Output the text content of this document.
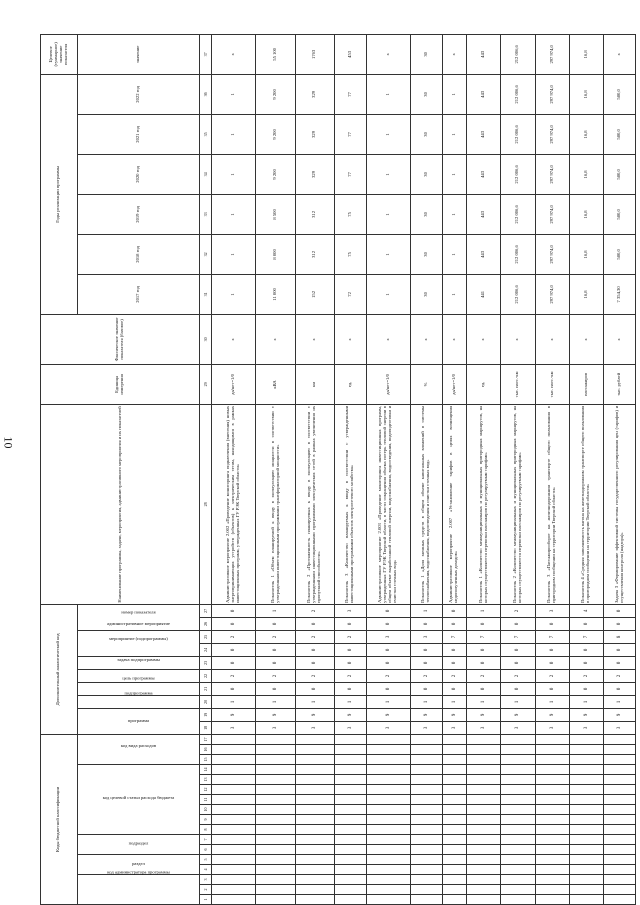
10
Коды бюджетной классификации																	Дополнительный аналитический код										Наименование программы, задачи, мероприятия, административного мероприятия и их показателей	Единица измерения	Фактическое значение показателя (базовое)	Годы реализации программы						Целевое (суммарное) значение показателя
код администратора программы			раздел		подраздел		код целевой статьи расхода бюджета							код вида расходов			программа		подпрограмма	цель программы	задача подпрограммы	мероприятие (подпрограммы)	административное мероприятие		номер показателя					2017 год	2018 год	2019 год	2020 год	2021 год	2022 год	значение
1	2	3	4	5	6	7	8	9	10	11	12	13	14	15	16	17	18	19	20	21	22	23	24	25	26	27	28	29	30	31	32	33	34	35	36	37
																	3	9	1	0	2	0	0	2	0	0	Административное мероприятие 2.002 «Проведение мониторинга подключения (внесения) новых энергопринимающих устройств (объектов) к электрическим сетям, находящимся в рамках инвестиционных программ, утвержденных ГУ РЭК Тверской области»	да/нет=1/0	х	1	1	1	1	1	1	х
																	3	9	1	0	2	0	0	2	0	1	Показатель 1 «Объем планируемой к вводу в эксплуатацию мощности в соответствии с утвержденными инвестиционными программами трансформаторной мощности»	кВА	х	11 000	8 000	8 500	9 200	9 200	9 200	55 100
																	3	9	1	0	2	0	0	2	0	2	Показатель 2 «Протяженность планируемых к вводу в эксплуатацию в соответствии с утвержденными инвестиционными программами электрических сетей в рамках увеличения их пропускной способности»	км	х	152	312	312	329	329	329	1763
																	3	9	1	0	2	0	0	2	0	3	Показатель 3 «Количество планируемых к вводу в соответствии с утвержденными инвестиционными программами объектов электросетевого хозяйства»	ед.	х	72	75	75	77	77	77	453
																	3	9	1	0	2	0	0	3	0	0	Административное мероприятие 2.003 «Проведение мониторинга инвестиционных программ, утвержденных ГУ РЭК Тверской области, в части сокращения объема потерь тепловой энергии в общем объеме выработанной тепловой энергии, водоснабжения, водоотведения, водоподготовки и очистки сточных вод»	да/нет=1/0	х	1	1	1	1	1	1	х
																	3	9	1	0	2	0	0	3	0	1	Показатель 1 «Доля заемных средств в общем объеме капитальных вложений в системы теплоснабжения, водоснабжения, водоотведения и очистки сточных вод»	%	х	30	30	30	30	30	30	30
																	3	9	1	0	2	0	0	7	0	0	Административное мероприятие 2.007 «Установление тарифов в целях возмещения недополученных доходов»	да/нет=1/0	х	1	1	1	1	1	1	х
																	3	9	1	0	2	0	0	7	0	1	Показатель 1 «Количество межмуниципальных и муниципальных пригородных маршрутов, на которых осуществляются перевозки пассажиров по регулируемым тарифам»	ед.	х	441	443	443	443	443	443	443
																	3	9	1	0	2	0	0	7	0	2	Показатель 2 «Количество межмуниципальных и муниципальных пригородных маршрутов, на которых осуществляются перевозки пассажиров по регулируемым тарифам»	тыс. пасс.-км	х	212 006,6	212 006,6	212 006,6	212 006,6	212 006,6	212 006,6	212 006,6
																	3	9	1	0	2	0	0	7	0	3	Показатель 3 «Пассажирооборот на железнодорожном транспорте общего пользования в пригородном сообщении на территории Тверской области»	тыс. пасс.-км	х	297 974,0	297 974,0	297 974,0	297 974,0	297 974,0	297 974,0	297 974,0
																	3	9	1	0	2	0	0	7	0	4	Показатель 4 «Средняя заполняемость вагона на железнодорожном транспорте общего пользования в пригородном сообщении на территории Тверской области»	пассажиров	х	16,8	16,8	16,8	16,8	16,8	16,8	16,8
																	3	9	1	0	2	0	0	8	0	0	Задача 3 «Формирование эффективной системы государственного регулирования цен (тарифов) и осуществления контроля (надзора)»	тыс. рублей	х	7 354,30	580,0	580,0	580,0	580,0	580,0	х
